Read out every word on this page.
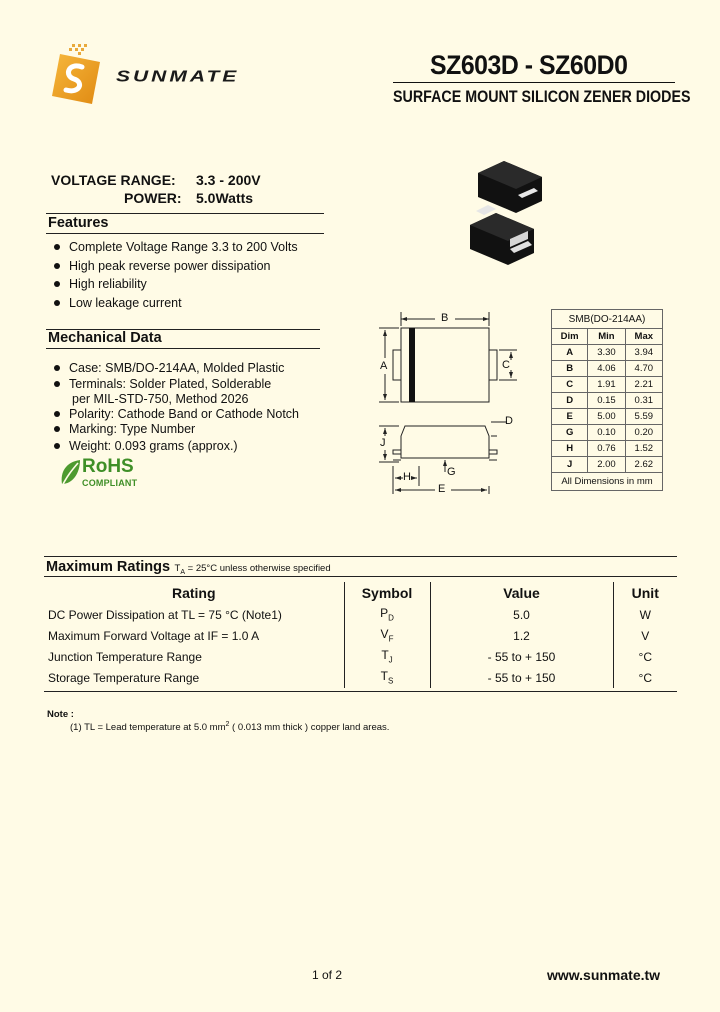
SUNMATE	SZ603D - SZ60D0
SURFACE MOUNT SILICON ZENER DIODES
VOLTAGE RANGE: 3.3 - 200V
POWER: 5.0Watts
Features
Complete Voltage Range 3.3 to 200 Volts
High peak reverse power dissipation
High reliability
Low leakage current
Mechanical Data
Case: SMB/DO-214AA, Molded Plastic
Terminals: Solder Plated, Solderable
per MIL-STD-750, Method 2026
Polarity: Cathode Band or Cathode Notch
Marking: Type Number
Weight: 0.093 grams (approx.)
RoHS
COMPLIANT
B
A	C
D
J
G
H
E
SMB(DO-214AA)		
Dim	Min	Max
A	3.30	3.94
B	4.06	4.70
C	1.91	2.21
D	0.15	0.31
E	5.00	5.59
G	0.10	0.20
H	0.76	1.52
J	2.00	2.62
All Dimensions in mm		
Maximum Ratings $T_A = 25^\circ C$ unless otherwise specified
Rating	Symbol	Value	Unit
DC Power Dissipation at TL = 75 °C (Note1)	$P_D$	5.0	W
Maximum Forward Voltage at IF = 1.0 A	$V_F$	1.2	V
Junction Temperature Range	$T_J$	- 55 to + 150	°C
Storage Temperature Range	$T_S$	- 55 to + 150	°C
Note :
(1) TL = Lead temperature at 5.0 $mm^2$ ( 0.013 mm thick ) copper land areas.
1 of 2	www.sunmate.tw
